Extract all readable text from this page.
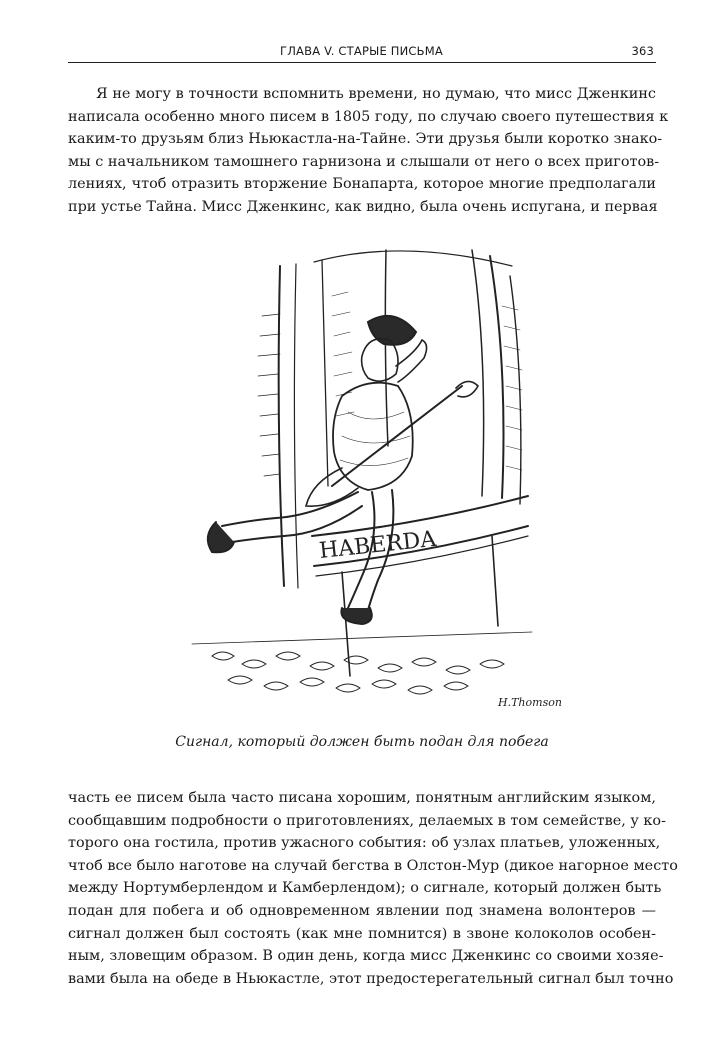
ГЛАВА V. СТАРЫЕ ПИСЬМА	363
Я не могу в точности вспомнить времени, но думаю, что мисс Дженкинс
написала особенно много писем в 1805 году, по случаю своего путешествия к
каким-то друзьям близ Ньюкастла-на-Тайне. Эти друзья были коротко знако-
мы с начальником тамошнего гарнизона и слышали от него о всех приготов-
лениях, чтоб отразить вторжение Бонапарта, которое многие предполагали
при устье Тайна. Мисс Дженкинс, как видно, была очень испугана, и первая
HABERDA
H.Thomson
Сигнал, который должен быть подан для побега
часть ее писем была часто писана хорошим, понятным английским языком,
сообщавшим подробности о приготовлениях, делаемых в том семействе, у ко-
торого она гостила, против ужасного события: об узлах платьев, уложенных,
чтоб все было наготове на случай бегства в Олстон-Мур (дикое нагорное место
между Нортумберлендом и Камберлендом); о сигнале, который должен быть
подан для побега и об одновременном явлении под знамена волонтеров —
сигнал должен был состоять (как мне помнится) в звоне колоколов особен-
ным, зловещим образом. В один день, когда мисс Дженкинс со своими хозяе-
вами была на обеде в Ньюкастле, этот предостерегательный сигнал был точно
